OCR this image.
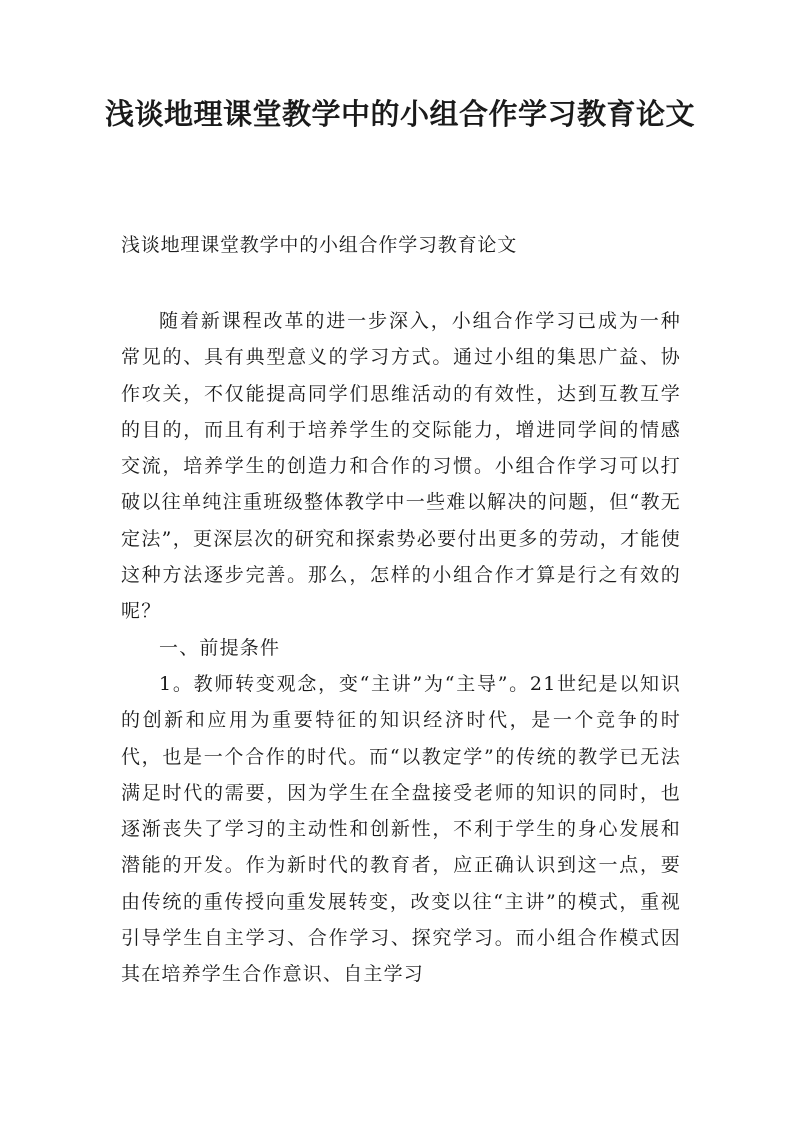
浅谈地理课堂教学中的小组合作学习教育论文

浅谈地理课堂教学中的小组合作学习教育论文

随着新课程改革的进一步深入，小组合作学习已成为一种常见的、具有典型意义的学习方式。通过小组的集思广益、协作攻关，不仅能提高同学们思维活动的有效性，达到互教互学的目的，而且有利于培养学生的交际能力，增进同学间的情感交流，培养学生的创造力和合作的习惯。小组合作学习可以打破以往单纯注重班级整体教学中一些难以解决的问题，但“教无定法”，更深层次的研究和探索势必要付出更多的劳动，才能使这种方法逐步完善。那么，怎样的小组合作才算是行之有效的呢？

一、前提条件

1。教师转变观念，变“主讲”为“主导”。21世纪是以知识的创新和应用为重要特征的知识经济时代，是一个竞争的时代，也是一个合作的时代。而“以教定学”的传统的教学已无法满足时代的需要，因为学生在全盘接受老师的知识的同时，也逐渐丧失了学习的主动性和创新性，不利于学生的身心发展和潜能的开发。作为新时代的教育者，应正确认识到这一点，要由传统的重传授向重发展转变，改变以往“主讲”的模式，重视引导学生自主学习、合作学习、探究学习。而小组合作模式因其在培养学生合作意识、自主学习
